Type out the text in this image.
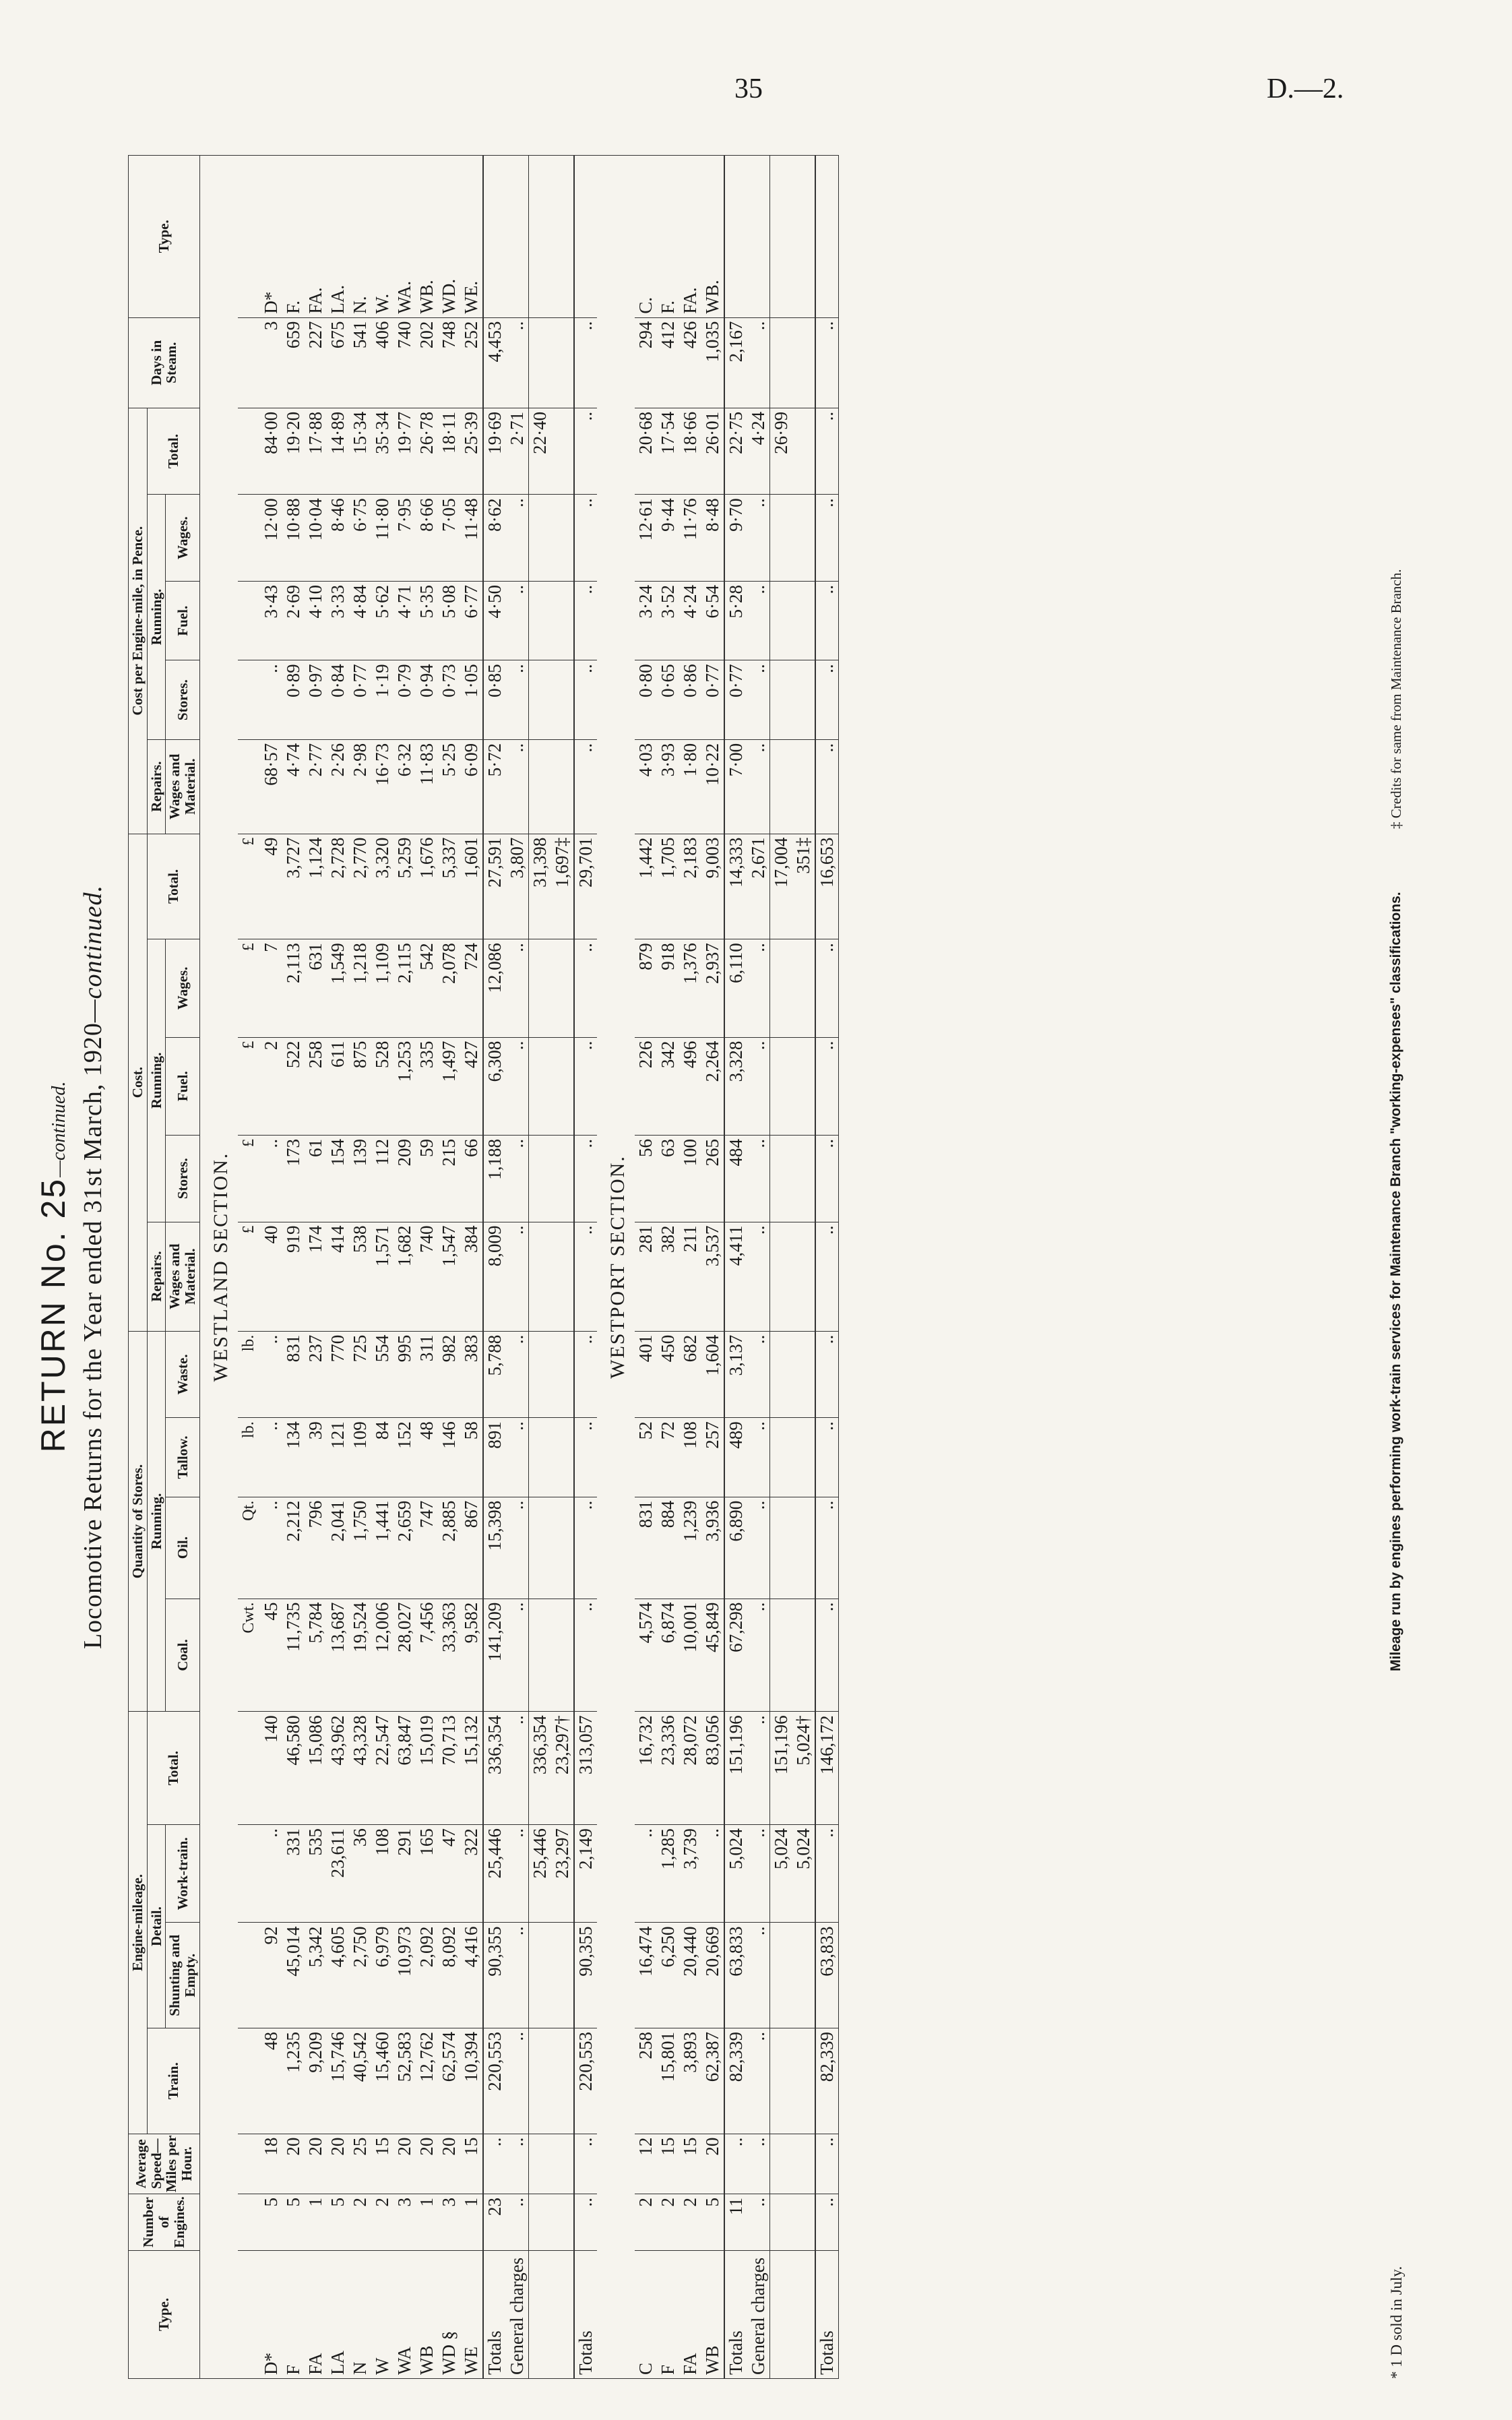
35	D.—2.
RETURN No. 25—continued. Locomotive Returns for the Year ended 31st March, 1920—continued.
Type.	Number of Engines.	Average Speed—Miles per Hour.	Engine-mileage.				Quantity of Stores.				Cost.					Cost per Engine-mile, in Pence.					Days in Steam.	Type.
			Train.	Detail.		Total.	Running.				Repairs.	Running.			Total.	Repairs.	Running.			Total.		
				Shunting and Empty.	Work-train.		Coal.	Oil.	Tallow.	Waste.	Wages and Material.	Stores.	Fuel.	Wages.		Wages and Material.	Stores.	Fuel.	Wages.			
WESTLAND SECTION.																						
							Cwt.	Qt.	lb.	lb.	£	£	£	£	£							
D*	5	18	48	92	..	140	45	..	..	..	40	..	2	7	49	68·57	..	3·43	12·00	84·00	3	D*
F	5	20	1,235	45,014	331	46,580	11,735	2,212	134	831	919	173	522	2,113	3,727	4·74	0·89	2·69	10·88	19·20	659	F.
FA	1	20	9,209	5,342	535	15,086	5,784	796	39	237	174	61	258	631	1,124	2·77	0·97	4·10	10·04	17·88	227	FA.
LA	5	20	15,746	4,605	23,611	43,962	13,687	2,041	121	770	414	154	611	1,549	2,728	2·26	0·84	3·33	8·46	14·89	675	LA.
N	2	25	40,542	2,750	36	43,328	19,524	1,750	109	725	538	139	875	1,218	2,770	2·98	0·77	4·84	6·75	15·34	541	N.
W	2	15	15,460	6,979	108	22,547	12,006	1,441	84	554	1,571	112	528	1,109	3,320	16·73	1·19	5·62	11·80	35·34	406	W.
WA	3	20	52,583	10,973	291	63,847	28,027	2,659	152	995	1,682	209	1,253	2,115	5,259	6·32	0·79	4·71	7·95	19·77	740	WA.
WB	1	20	12,762	2,092	165	15,019	7,456	747	48	311	740	59	335	542	1,676	11·83	0·94	5·35	8·66	26·78	202	WB.
WD §	3	20	62,574	8,092	47	70,713	33,363	2,885	146	982	1,547	215	1,497	2,078	5,337	5·25	0·73	5·08	7·05	18·11	748	WD.
WE	1	15	10,394	4,416	322	15,132	9,582	867	58	383	384	66	427	724	1,601	6·09	1·05	6·77	11·48	25·39	252	WE.
Totals	23	..	220,553	90,355	25,446	336,354	141,209	15,398	891	5,788	8,009	1,188	6,308	12,086	27,591	5·72	0·85	4·50	8·62	19·69	4,453	
General charges	..	..	..	..	..	..	..	..	..	..	..	..	..	..	3,807	..	..	..	..	2·71	..	
					25,446	336,354									31,398					22·40		
					23,297	23,297†									1,697‡							
Totals	..	..	220,553	90,355	2,149	313,057	..	..	..	..	..	..	..	..	29,701	..	..	..	..	..	..	
WESTPORT SECTION.																						
C	2	12	258	16,474	..	16,732	4,574	831	52	401	281	56	226	879	1,442	4·03	0·80	3·24	12·61	20·68	294	C.
F	2	15	15,801	6,250	1,285	23,336	6,874	884	72	450	382	63	342	918	1,705	3·93	0·65	3·52	9·44	17·54	412	F.
FA	2	15	3,893	20,440	3,739	28,072	10,001	1,239	108	682	211	100	496	1,376	2,183	1·80	0·86	4·24	11·76	18·66	426	FA.
WB	5	20	62,387	20,669	..	83,056	45,849	3,936	257	1,604	3,537	265	2,264	2,937	9,003	10·22	0·77	6·54	8·48	26·01	1,035	WB.
Totals	11	..	82,339	63,833	5,024	151,196	67,298	6,890	489	3,137	4,411	484	3,328	6,110	14,333	7·00	0·77	5·28	9·70	22·75	2,167	
General charges	..	..	..	..	..	..	..	..	..	..	..	..	..	..	2,671	..	..	..	..	4·24	..	
					5,024	151,196									17,004					26·99		
					5,024	5,024†									351‡							
Totals	..	..	82,339	63,833	..	146,172	..	..	..	..	..	..	..	..	16,653	..	..	..	..	..	..	
* 1 D sold in July.
Mileage run by engines performing work-train services for Maintenance Branch "working-expenses" classifications.
‡ Credits for same from Maintenance Branch.
